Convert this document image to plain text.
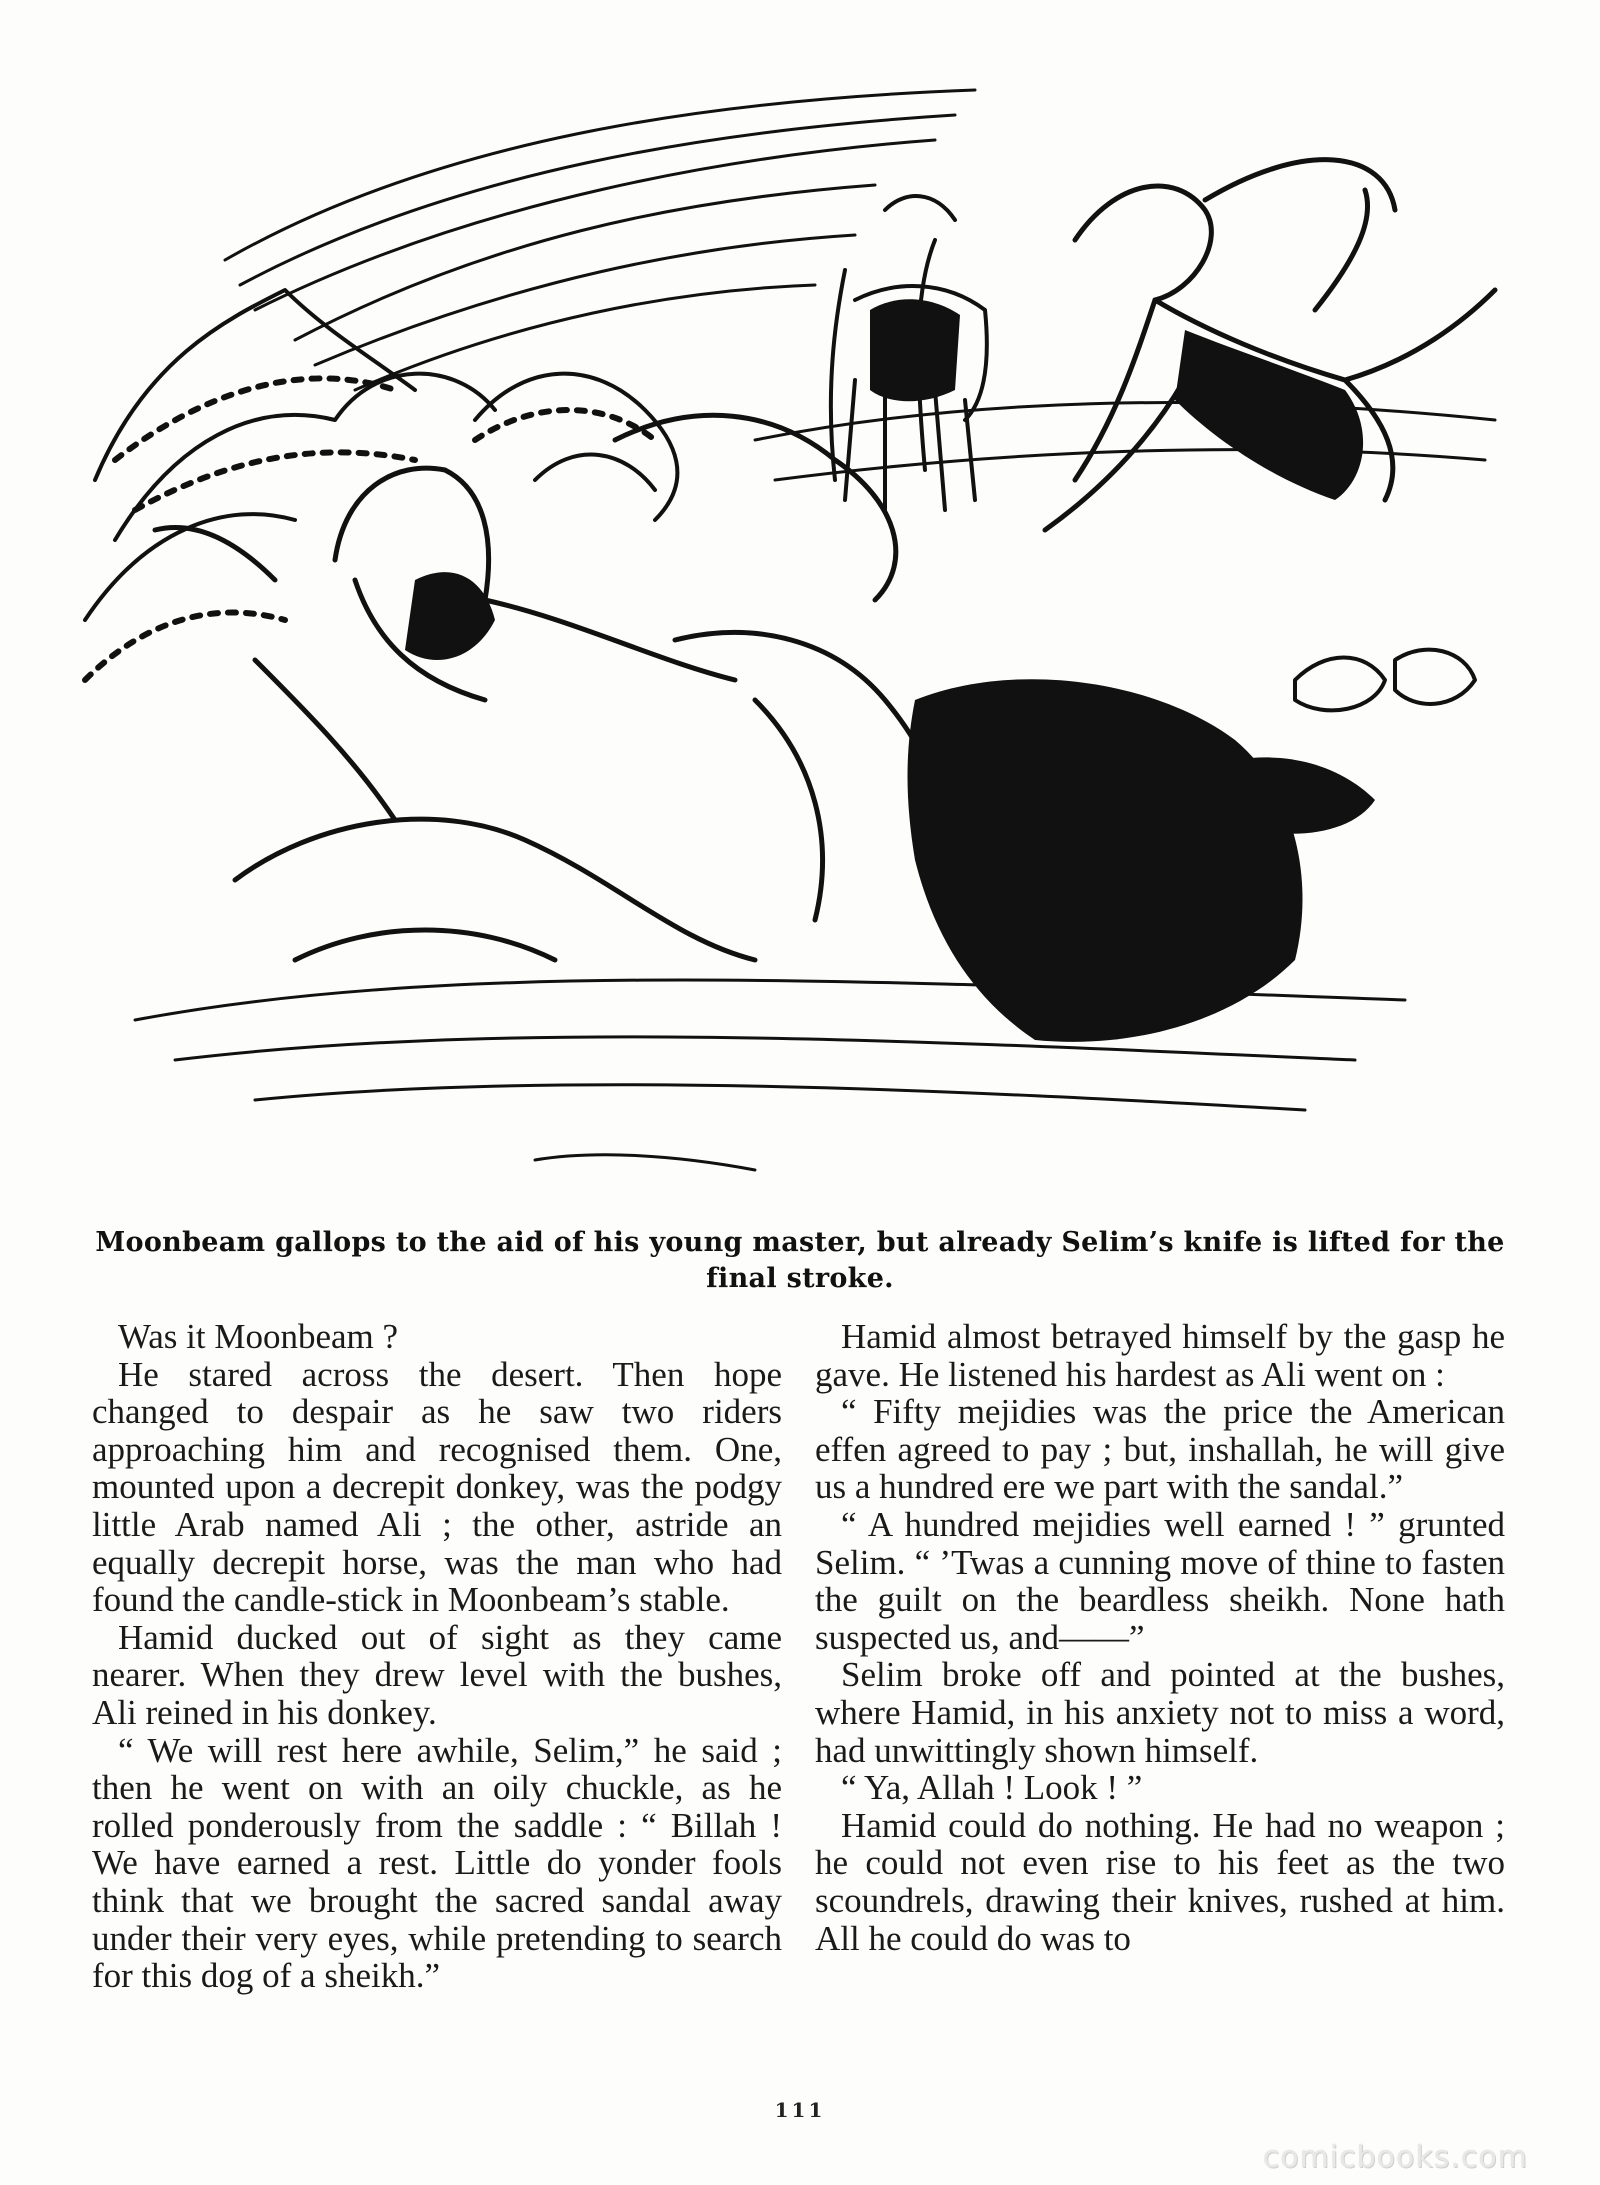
Moonbeam gallops to the aid of his young master, but already Selim’s knife is lifted for the final stroke.

Was it Moonbeam ?

He stared across the desert. Then hope changed to despair as he saw two riders approaching him and recognised them. One, mounted upon a decrepit donkey, was the podgy little Arab named Ali ; the other, astride an equally decrepit horse, was the man who had found the candle-stick in Moonbeam’s stable.

Hamid ducked out of sight as they came nearer. When they drew level with the bushes, Ali reined in his donkey.

“ We will rest here awhile, Selim,” he said ; then he went on with an oily chuckle, as he rolled ponderously from the saddle : “ Billah ! We have earned a rest. Little do yonder fools think that we brought the sacred sandal away under their very eyes, while pretending to search for this dog of a sheikh.”

Hamid almost betrayed himself by the gasp he gave. He listened his hardest as Ali went on :

“ Fifty mejidies was the price the American effen agreed to pay ; but, inshallah, he will give us a hundred ere we part with the sandal.”

“ A hundred mejidies well earned ! ” grunted Selim. “ ’Twas a cunning move of thine to fasten the guilt on the beardless sheikh. None hath suspected us, and——”

Selim broke off and pointed at the bushes, where Hamid, in his anxiety not to miss a word, had unwittingly shown himself.

“ Ya, Allah ! Look ! ”

Hamid could do nothing. He had no weapon ; he could not even rise to his feet as the two scoundrels, drawing their knives, rushed at him. All he could do was to

111
comicbooks.com
